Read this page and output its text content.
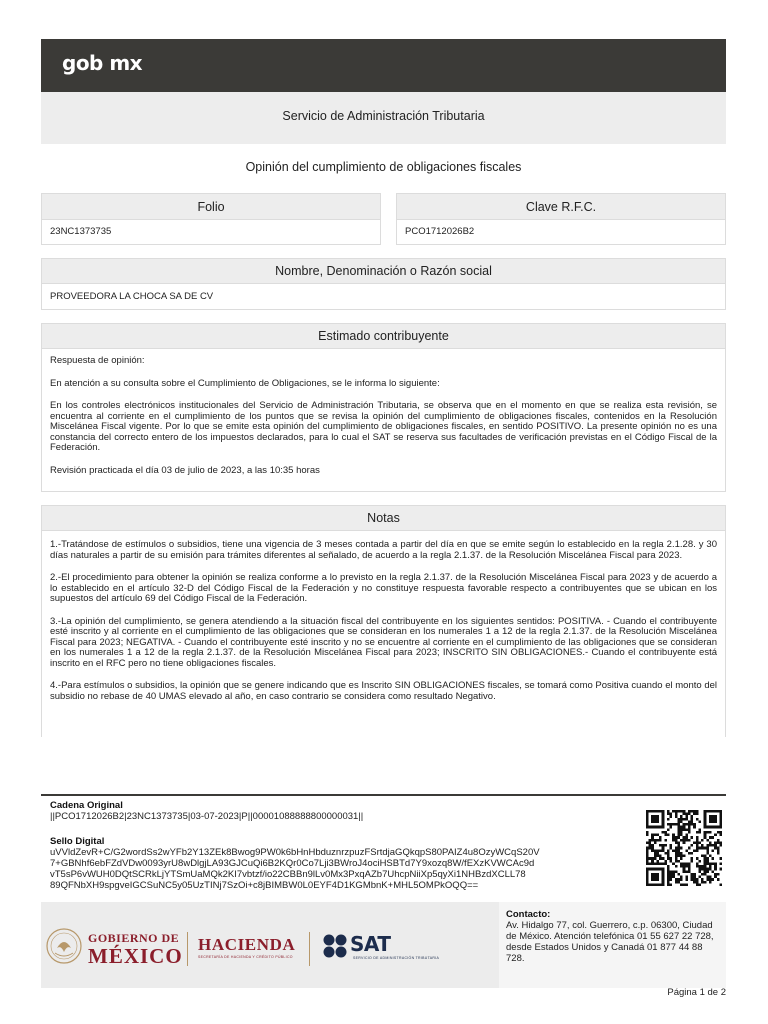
gob mx
Servicio de Administración Tributaria
Opinión del cumplimiento de obligaciones fiscales
Folio
23NC1373735
Clave R.F.C.
PCO1712026B2
Nombre, Denominación o Razón social
PROVEEDORA LA CHOCA SA DE CV
Estimado contribuyente

Respuesta de opinión:

En atención a su consulta sobre el Cumplimiento de Obligaciones, se le informa lo siguiente:

En los controles electrónicos institucionales del Servicio de Administración Tributaria, se observa que en el momento en que se realiza esta revisión, se encuentra al corriente en el cumplimiento de los puntos que se revisa la opinión del cumplimiento de obligaciones fiscales, contenidos en la Resolución Miscelánea Fiscal vigente. Por lo que se emite esta opinión del cumplimiento de obligaciones fiscales, en sentido POSITIVO. La presente opinión no es una constancia del correcto entero de los impuestos declarados, para lo cual el SAT se reserva sus facultades de verificación previstas en el Código Fiscal de la Federación.

Revisión practicada el día 03 de julio de 2023, a las 10:35 horas

Notas

1.-Tratándose de estímulos o subsidios, tiene una vigencia de 3 meses contada a partir del día en que se emite según lo establecido en la regla 2.1.28. y 30 días naturales a partir de su emisión para trámites diferentes al señalado, de acuerdo a la regla 2.1.37. de la Resolución Miscelánea Fiscal para 2023.

2.-El procedimiento para obtener la opinión se realiza conforme a lo previsto en la regla 2.1.37. de la Resolución Miscelánea Fiscal para 2023 y de acuerdo a lo establecido en el artículo 32-D del Código Fiscal de la Federación y no constituye respuesta favorable respecto a contribuyentes que se ubican en los supuestos del artículo 69 del Código Fiscal de la Federación.

3.-La opinión del cumplimiento, se genera atendiendo a la situación fiscal del contribuyente en los siguientes sentidos: POSITIVA. - Cuando el contribuyente esté inscrito y al corriente en el cumplimiento de las obligaciones que se consideran en los numerales 1 a 12 de la regla 2.1.37. de la Resolución Miscelánea Fiscal para 2023; NEGATIVA. - Cuando el contribuyente esté inscrito y no se encuentre al corriente en el cumplimiento de las obligaciones que se consideran en los numerales 1 a 12 de la regla 2.1.37. de la Resolución Miscelánea Fiscal para 2023; INSCRITO SIN OBLIGACIONES.- Cuando el contribuyente está inscrito en el RFC pero no tiene obligaciones fiscales.

4.-Para estímulos o subsidios, la opinión que se genere indicando que es Inscrito SIN OBLIGACIONES fiscales, se tomará como Positiva cuando el monto del subsidio no rebase de 40 UMAS elevado al año, en caso contrario se considera como resultado Negativo.

Cadena Original
||PCO1712026B2|23NC1373735|03-07-2023|P||00001088888800000031||
Sello Digital
uVVldZevR+C/G2wordSs2wYFb2Y13ZEk8Bwog9PW0k6bHnHbduznrzpuzFSrtdjaGQkqpS80PAIZ4u8OzyWCqS20V
7+GBNhf6ebFZdVDw0093yrU8wDlgjLA93GJCuQi6B2KQr0Co7Lji3BWroJ4ociHSBTd7Y9xozq8W/fEXzKVWCAc9d
vT5sP6vWUH0DQtSCRkLjYTSmUaMQk2KI7vbtzf/io22CBBn9lLv0Mx3PxqAZb7UhcpNiiXp5qyXi1NHBzdXCLL78
89QFNbXH9spgveIGCSuNC5y05UzTINj7SzOi+c8jBIMBW0L0EYF4D1KGMbnK+MHL5OMPkOQQ==
GOBIERNO DE
MÉXICO HACIENDA
SECRETARÍA DE HACIENDA Y CRÉDITO PÚBLICO
SAT
SERVICIO DE ADMINISTRACIÓN TRIBUTARIA
Contacto:
Av. Hidalgo 77, col. Guerrero, c.p. 06300, Ciudad de México. Atención telefónica 01 55 627 22 728, desde Estados Unidos y Canadá 01 877 44 88 728.
Página 1 de 2
